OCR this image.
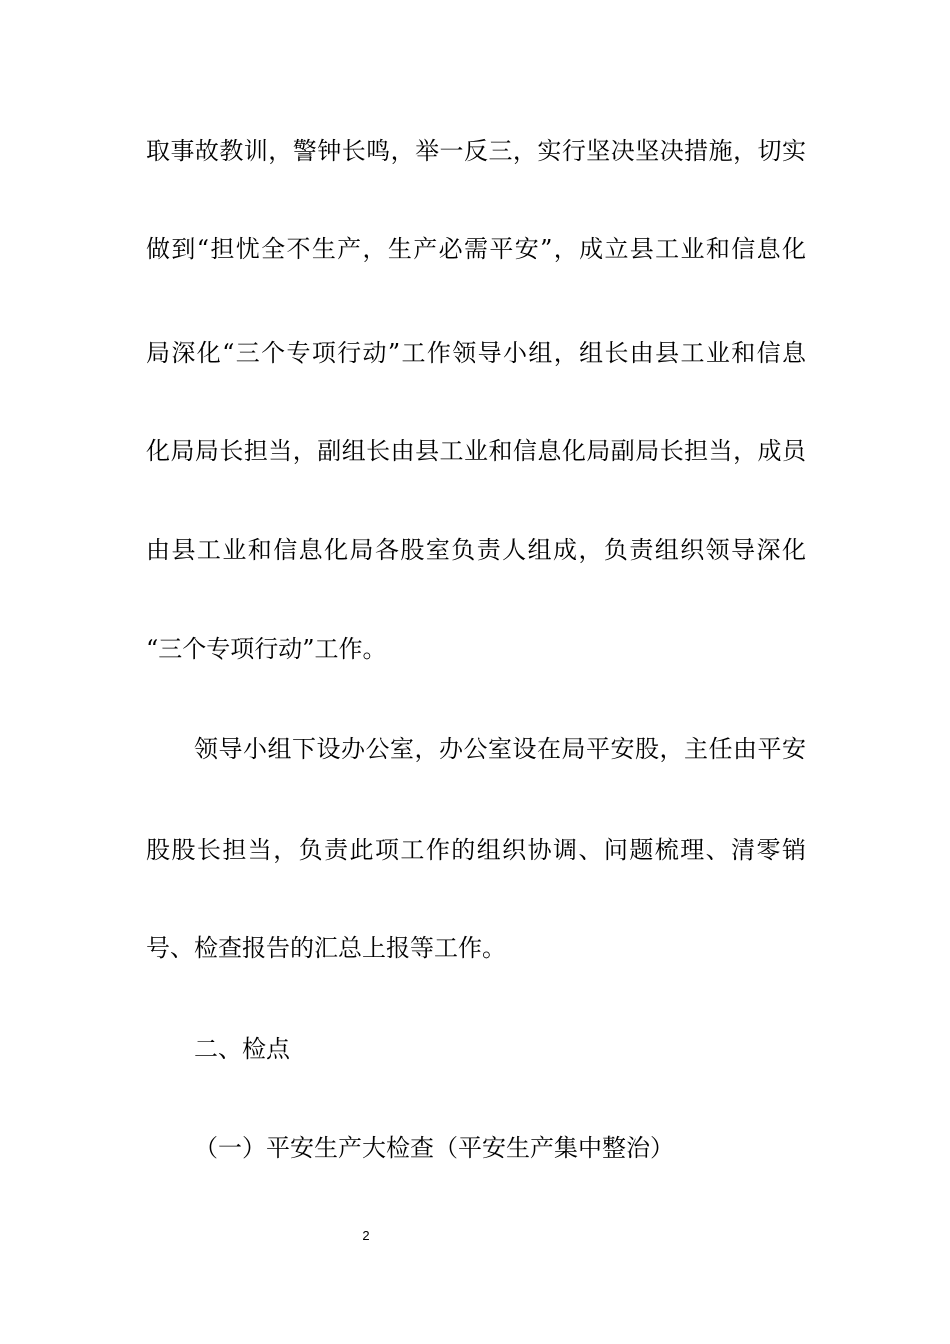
取事故教训，警钟长鸣，举一反三，实行坚决坚决措施，切实
做到“担忧全不生产，生产必需平安”，成立县工业和信息化
局深化“三个专项行动”工作领导小组，组长由县工业和信息
化局局长担当，副组长由县工业和信息化局副局长担当，成员
由县工业和信息化局各股室负责人组成，负责组织领导深化
“三个专项行动”工作。
领导小组下设办公室，办公室设在局平安股，主任由平安
股股长担当，负责此项工作的组织协调、问题梳理、清零销
号、检查报告的汇总上报等工作。
二、检点
（一）平安生产大检查（平安生产集中整治）
2
